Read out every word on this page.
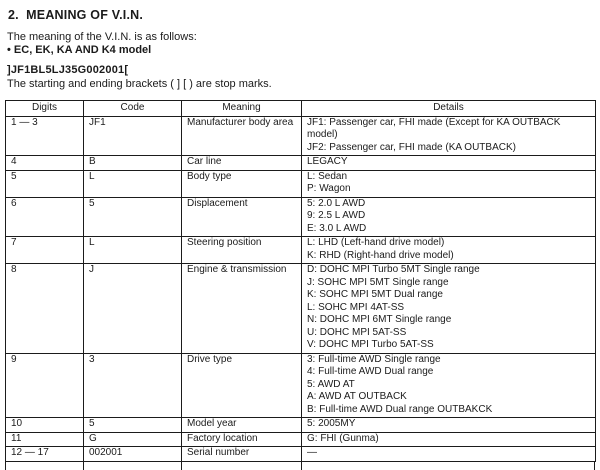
2.  MEANING OF V.I.N.

The meaning of the V.I.N. is as follows:

• EC, EK, KA AND K4 model

]JF1BL5LJ35G002001[

The starting and ending brackets ( ] [ ) are stop marks.

Digits	Code	Meaning	Details
1 — 3	JF1	Manufacturer body area	JF1: Passenger car, FHI made (Except for KA OUTBACK model)
JF2: Passenger car, FHI made (KA OUTBACK)

4	B	Car line	LEGACY

5	L	Body type	L: Sedan
P: Wagon

6	5	Displacement	5: 2.0 L AWD
9: 2.5 L AWD
E: 3.0 L AWD

7	L	Steering position	L: LHD (Left-hand drive model)
K: RHD (Right-hand drive model)

8	J	Engine & transmission	D: DOHC MPI Turbo 5MT Single range
J: SOHC MPI 5MT Single range
K: SOHC MPI 5MT Dual range
L: SOHC MPI 4AT-SS
N: DOHC MPI 6MT Single range
U: DOHC MPI 5AT-SS
V: DOHC MPI Turbo 5AT-SS

9	3	Drive type	3: Full-time AWD Single range
4: Full-time AWD Dual range
5: AWD AT
A: AWD AT OUTBACK
B: Full-time AWD Dual range OUTBAKCK

10	5	Model year	5: 2005MY

11	G	Factory location	G: FHI (Gunma)

12 — 17	002001	Serial number	—
